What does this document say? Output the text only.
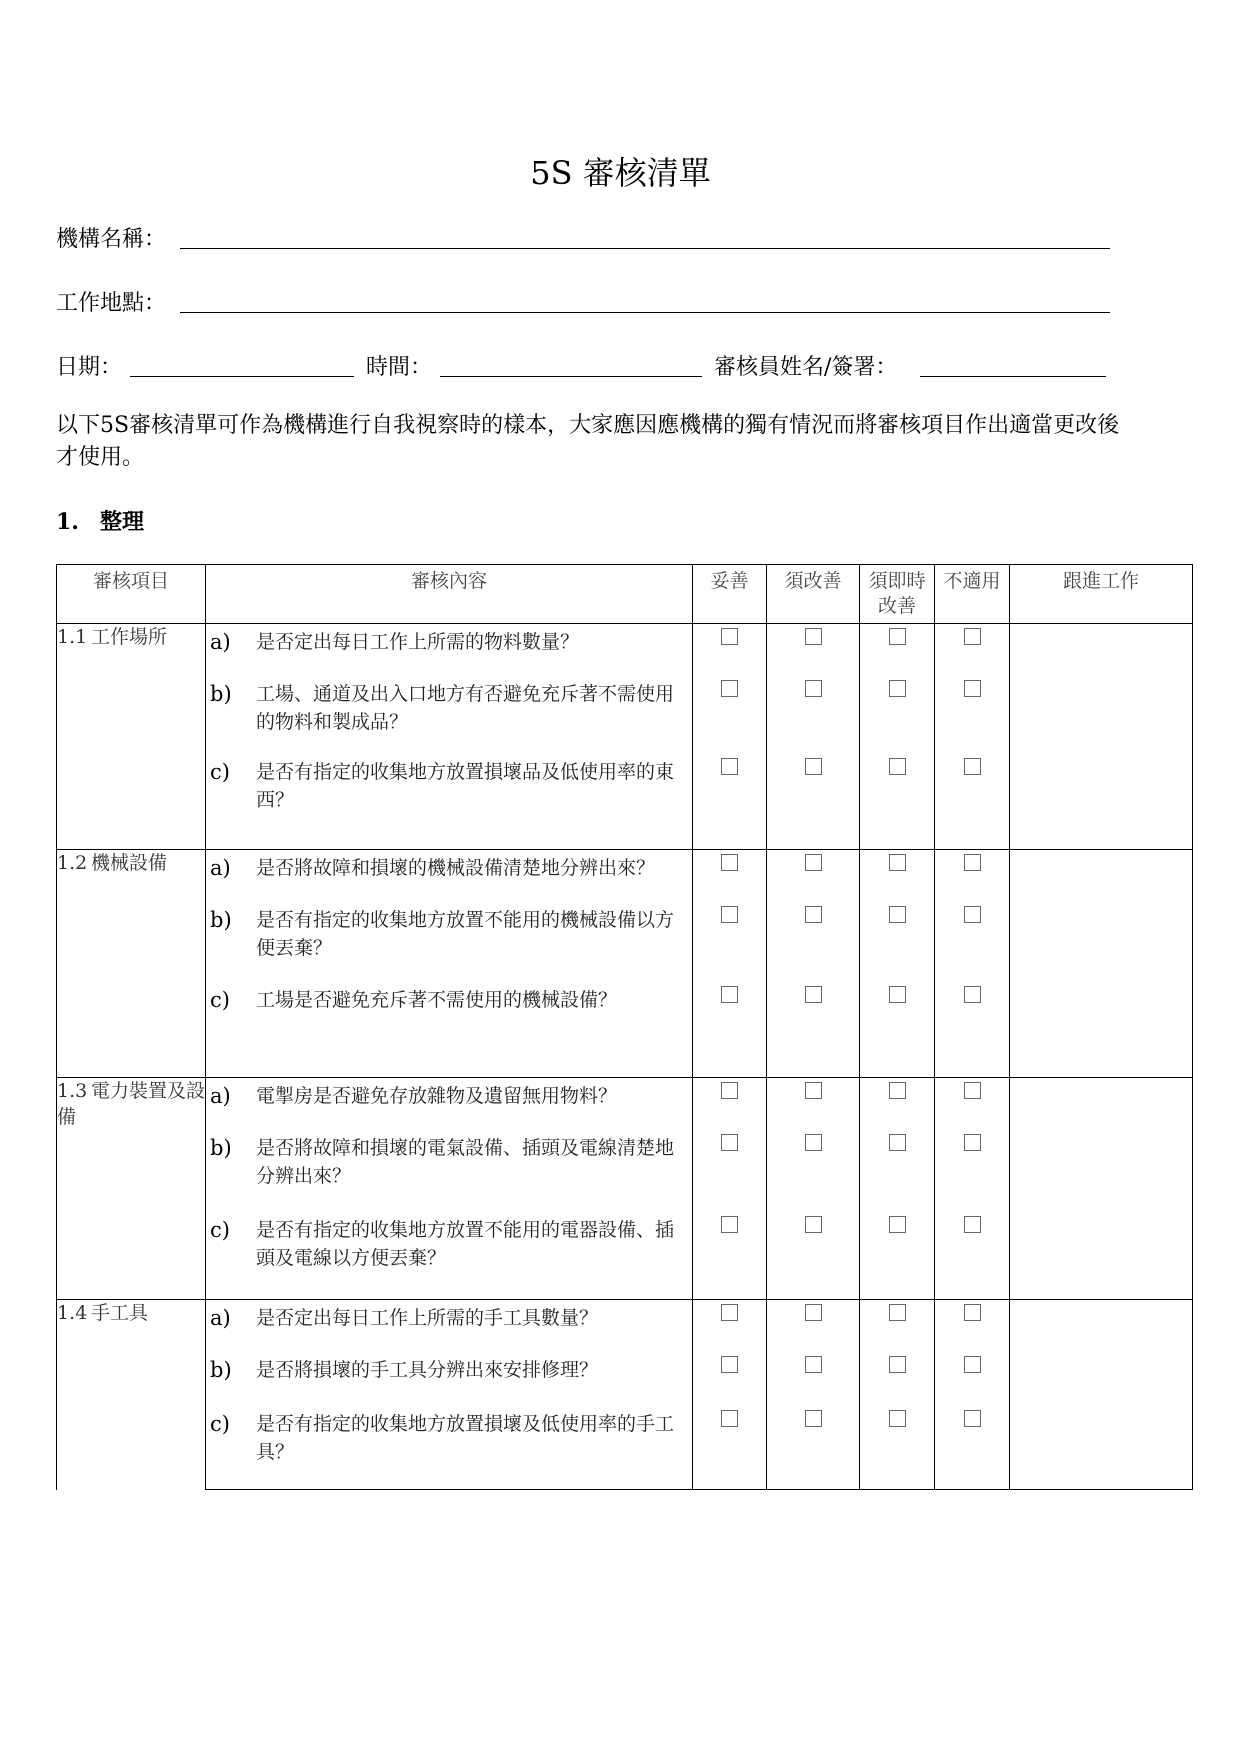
5S 審核清單
機構名稱：
工作地點：
日期：	時間：	審核員姓名/簽署：
以下5S審核清單可作為機構進行自我視察時的樣本，大家應因應機構的獨有情況而將審核項目作出適當更改後才使用。
1. 整理
審核項目	審核內容	妥善	須改善	須即時改善	不適用	跟進工作
1.1 工作場所	a) 是否定出每日工作上所需的物料數量？					

	b) 工場、通道及出入口地方有否避免充斥著不需使用的物料和製成品？					

	c) 是否有指定的收集地方放置損壞品及低使用率的東西？					

1.2 機械設備	a) 是否將故障和損壞的機械設備清楚地分辨出來？					

	b) 是否有指定的收集地方放置不能用的機械設備以方便丟棄？					

	c) 工場是否避免充斥著不需使用的機械設備？					

1.3 電力裝置及設備	a) 電掣房是否避免存放雜物及遺留無用物料？					

	b) 是否將故障和損壞的電氣設備、插頭及電線清楚地分辨出來？					

	c) 是否有指定的收集地方放置不能用的電器設備、插頭及電線以方便丟棄？					

1.4 手工具	a) 是否定出每日工作上所需的手工具數量？					

	b) 是否將損壞的手工具分辨出來安排修理？					

	c) 是否有指定的收集地方放置損壞及低使用率的手工具？					
